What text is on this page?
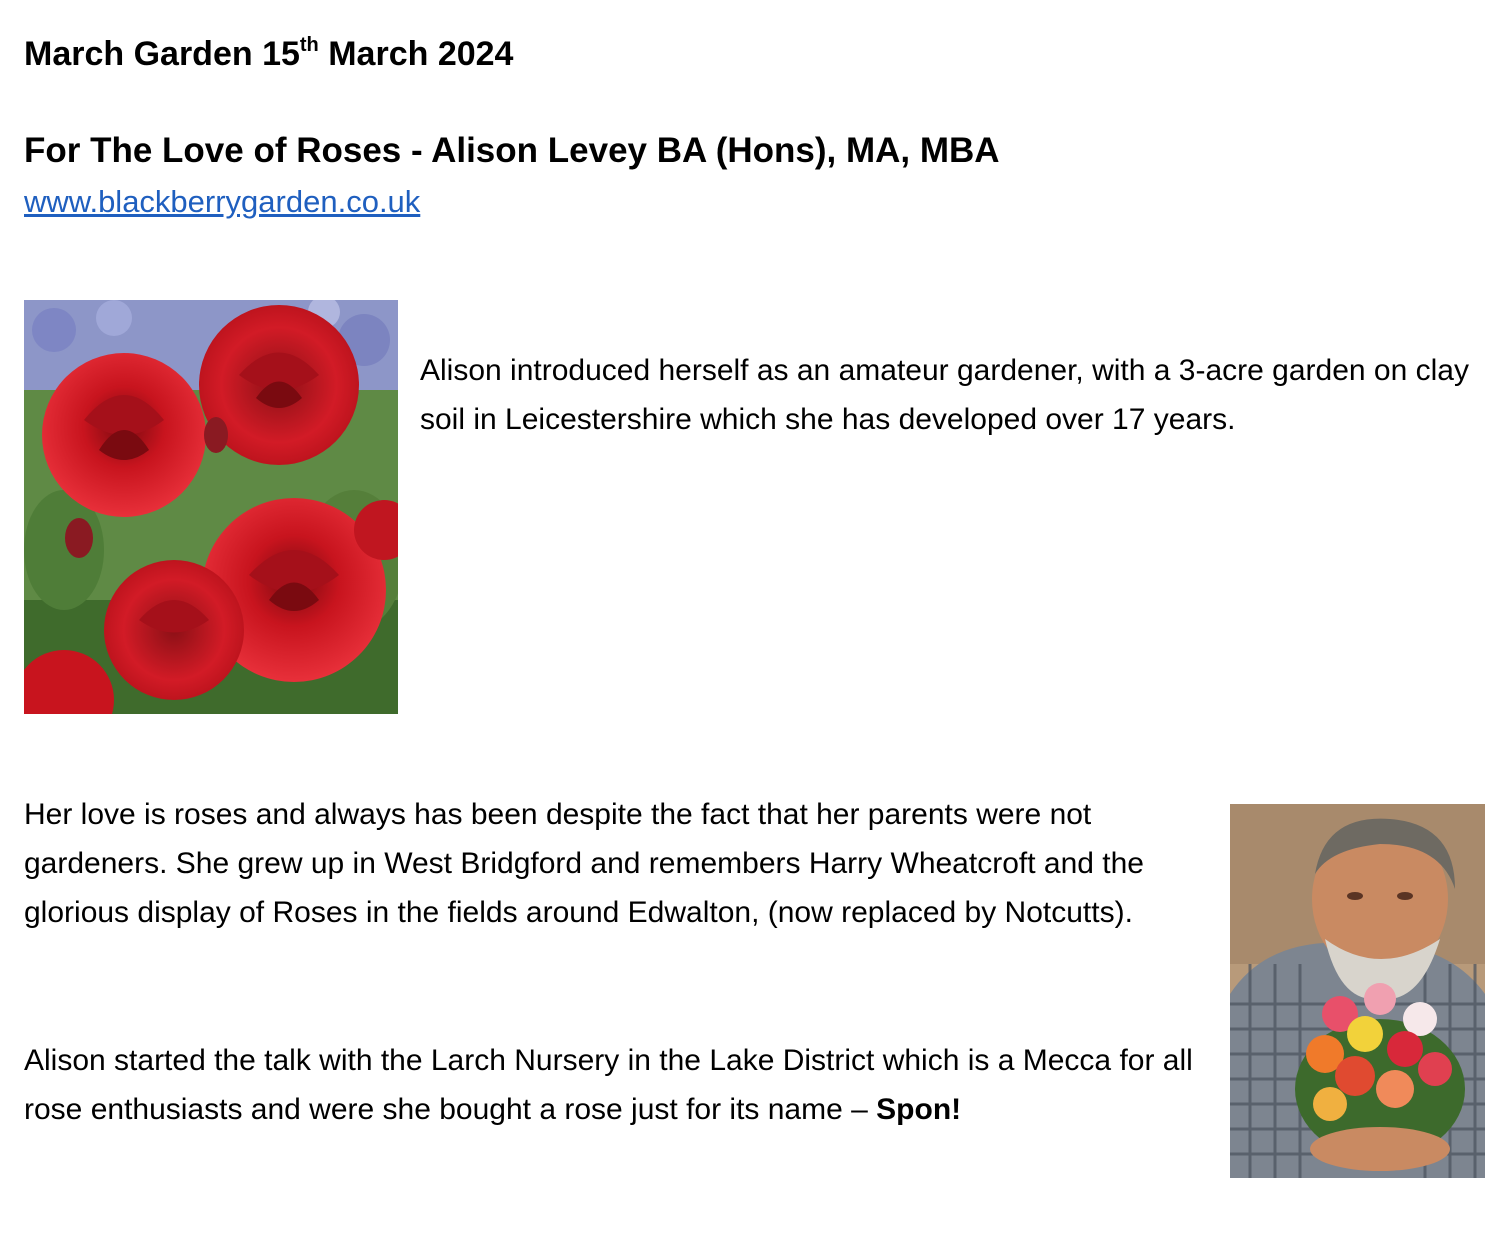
March Garden 15th March 2024
For The Love of Roses - Alison Levey BA (Hons), MA, MBA
www.blackberrygarden.co.uk

Alison introduced herself as an amateur gardener, with a 3-acre garden on clay soil in Leicestershire which she has developed over 17 years.

Her love is roses and always has been despite the fact that her parents were not gardeners. She grew up in West Bridgford and remembers Harry Wheatcroft and the glorious display of Roses in the fields around Edwalton, (now replaced by Notcutts).

Alison started the talk with the Larch Nursery in the Lake District which is a Mecca for all rose enthusiasts and were she bought a rose just for its name – Spon!
